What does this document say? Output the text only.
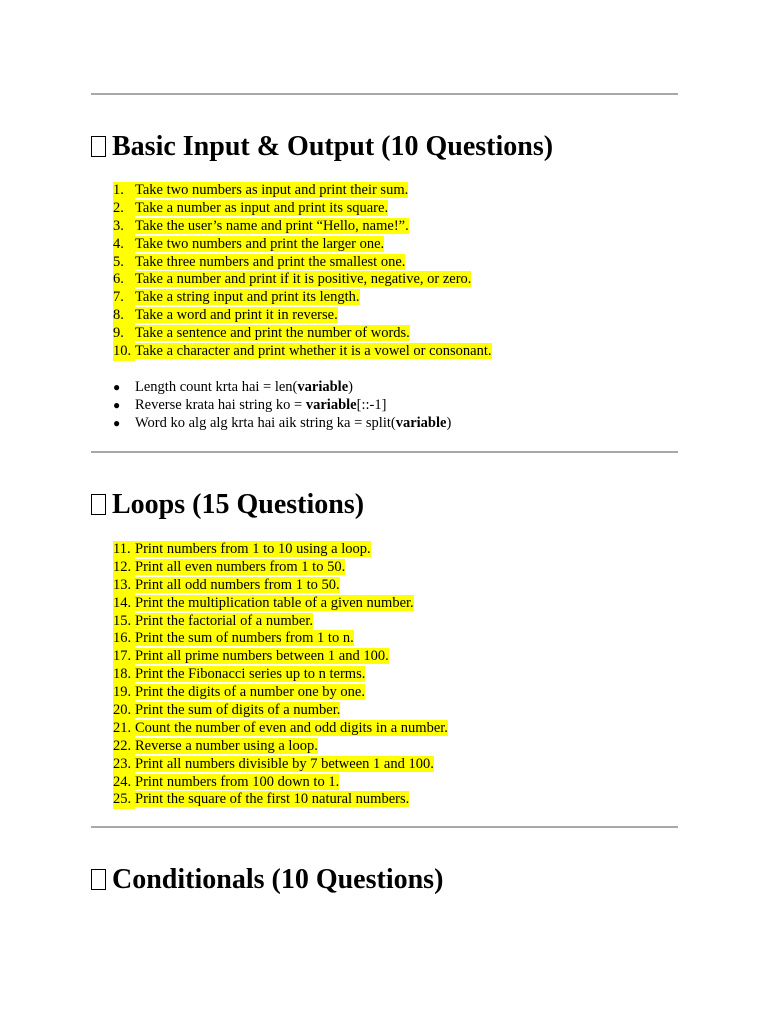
Basic Input & Output (10 Questions)
1. Take two numbers as input and print their sum.
2. Take a number as input and print its square.
3. Take the user’s name and print “Hello, name!”.
4. Take two numbers and print the larger one.
5. Take three numbers and print the smallest one.
6. Take a number and print if it is positive, negative, or zero.
7. Take a string input and print its length.
8. Take a word and print it in reverse.
9. Take a sentence and print the number of words.
10. Take a character and print whether it is a vowel or consonant.
● Length count krta hai = len(variable)
● Reverse krata hai string ko = variable[::-1]
● Word ko alg alg krta hai aik string ka = split(variable)
Loops (15 Questions)
11. Print numbers from 1 to 10 using a loop.
12. Print all even numbers from 1 to 50.
13. Print all odd numbers from 1 to 50.
14. Print the multiplication table of a given number.
15. Print the factorial of a number.
16. Print the sum of numbers from 1 to n.
17. Print all prime numbers between 1 and 100.
18. Print the Fibonacci series up to n terms.
19. Print the digits of a number one by one.
20. Print the sum of digits of a number.
21. Count the number of even and odd digits in a number.
22. Reverse a number using a loop.
23. Print all numbers divisible by 7 between 1 and 100.
24. Print numbers from 100 down to 1.
25. Print the square of the first 10 natural numbers.
Conditionals (10 Questions)
